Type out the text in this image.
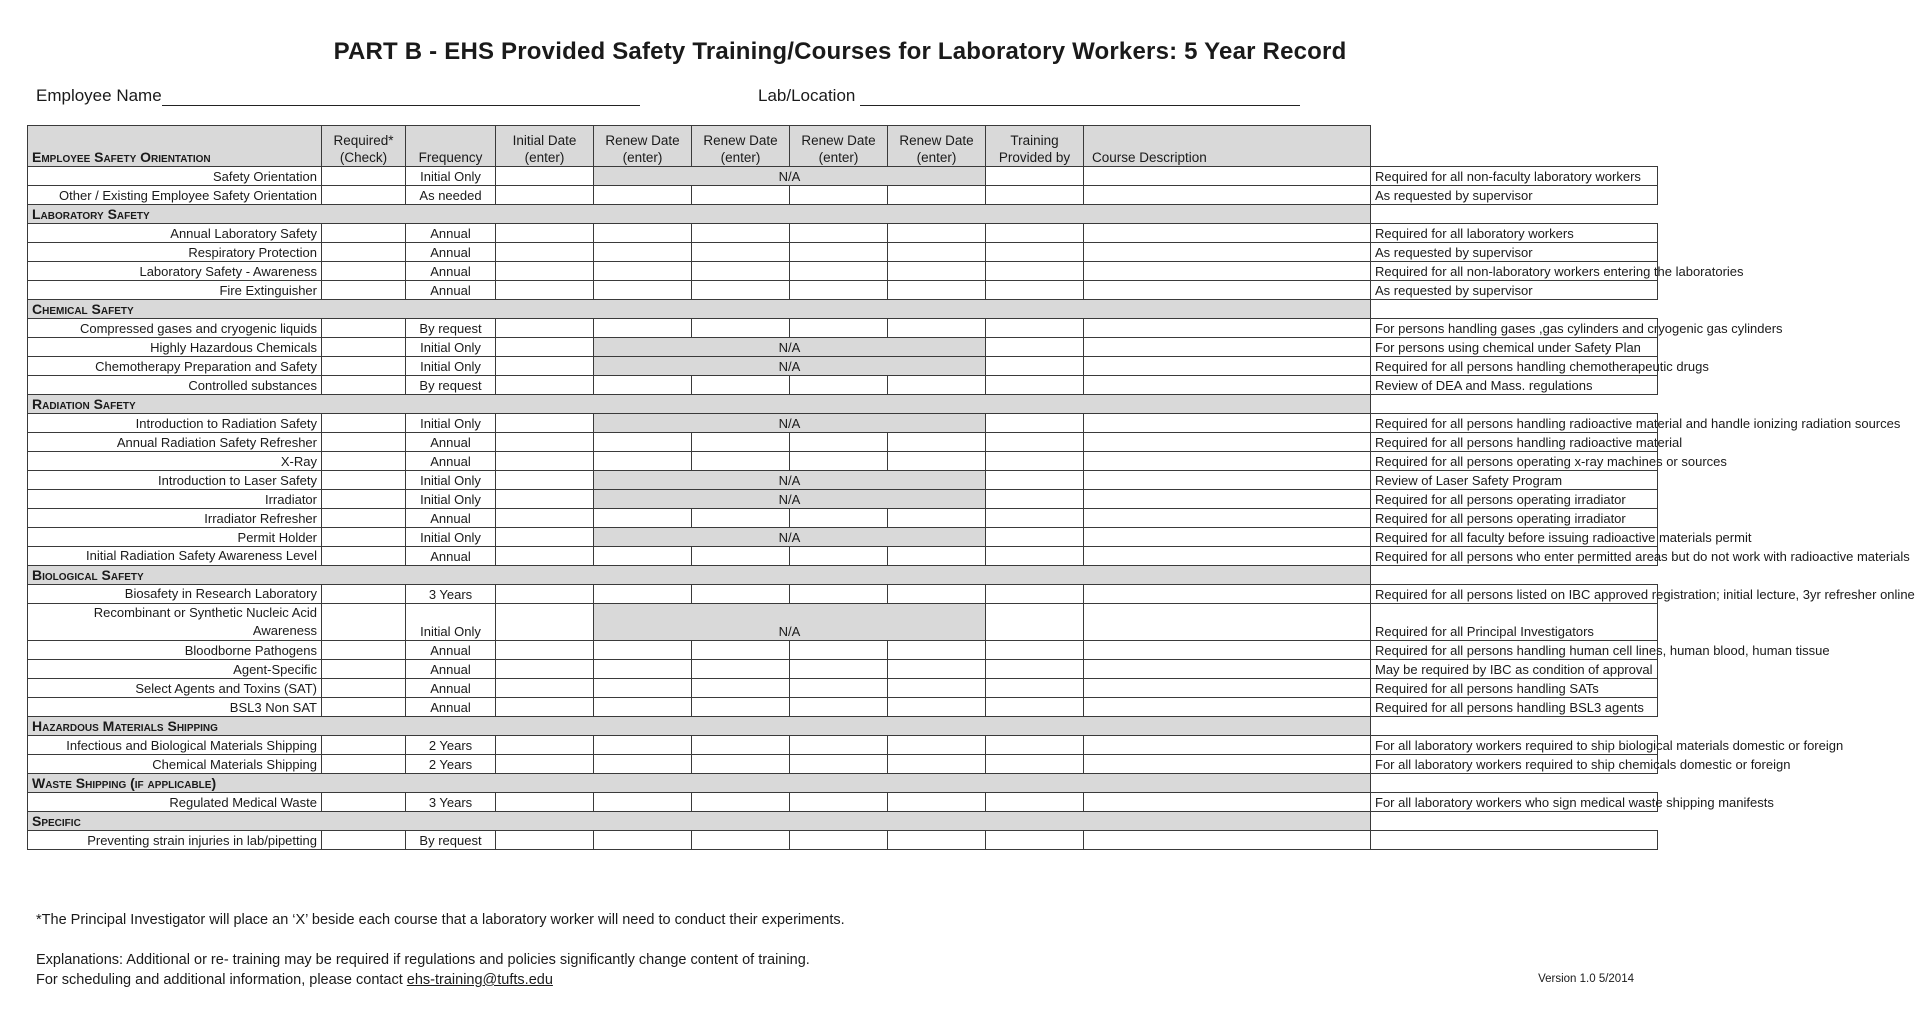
PART B - EHS Provided Safety Training/Courses for Laboratory Workers: 5 Year Record
Employee Name	Lab/Location
Employee Safety Orientation	Required* (Check)	Frequency	Initial Date (enter)	Renew Date (enter)	Renew Date (enter)	Renew Date (enter)	Renew Date (enter)	Training Provided by	Course Description	
Safety Orientation		Initial Only		N/A						Required for all non-faculty laboratory workers
Other / Existing Employee Safety Orientation		As needed								As requested by supervisor
Laboratory Safety										
Annual Laboratory Safety		Annual								Required for all laboratory workers
Respiratory Protection		Annual								As requested by supervisor
Laboratory Safety - Awareness		Annual								Required for all non-laboratory workers entering the laboratories
Fire Extinguisher		Annual								As requested by supervisor
Chemical Safety										
Compressed gases and cryogenic liquids		By request								For persons handling gases ,gas cylinders and cryogenic gas cylinders
Highly Hazardous Chemicals		Initial Only		N/A						For persons using chemical under Safety Plan
Chemotherapy Preparation and Safety		Initial Only		N/A						Required for all persons handling chemotherapeutic drugs
Controlled substances		By request								Review of DEA and Mass. regulations
Radiation Safety										
Introduction to Radiation Safety		Initial Only		N/A						Required for all persons handling radioactive material and handle ionizing radiation sources
Annual Radiation Safety Refresher		Annual								Required for all persons handling radioactive material
X-Ray		Annual								Required for all persons operating x-ray machines or sources
Introduction to Laser Safety		Initial Only		N/A						Review of Laser Safety Program
Irradiator		Initial Only		N/A						Required for all persons operating irradiator
Irradiator Refresher		Annual								Required for all persons operating irradiator
Permit Holder		Initial Only		N/A						Required for all faculty before issuing radioactive materials permit
Initial Radiation Safety Awareness Level		Annual								Required for all persons who enter permitted areas but do not work with radioactive materials
Biological Safety										
Biosafety in Research Laboratory		3 Years								Required for all persons listed on IBC approved registration; initial lecture, 3yr refresher online
Recombinant or Synthetic Nucleic Acid Awareness		Initial Only		N/A						Required for all Principal Investigators
Bloodborne Pathogens		Annual								Required for all persons handling human cell lines, human blood, human tissue
Agent-Specific		Annual								May be required by IBC as condition of approval
Select Agents and Toxins (SAT)		Annual								Required for all persons handling SATs
BSL3 Non SAT		Annual								Required for all persons handling BSL3 agents
Hazardous Materials Shipping										
Infectious and Biological Materials Shipping		2 Years								For all laboratory workers required to ship biological materials domestic or foreign
Chemical Materials Shipping		2 Years								For all laboratory workers required to ship chemicals domestic or foreign
Waste Shipping (if applicable)										
Regulated Medical Waste		3 Years								For all laboratory workers who sign medical waste shipping manifests
Specific										
Preventing strain injuries in lab/pipetting		By request								
*The Principal Investigator will place an ‘X’ beside each course that a laboratory worker will need to conduct their experiments.
Explanations: Additional or re- training may be required if regulations and policies significantly change content of training.
For scheduling and additional information, please contact ehs-training@tufts.edu	Version 1.0 5/2014
